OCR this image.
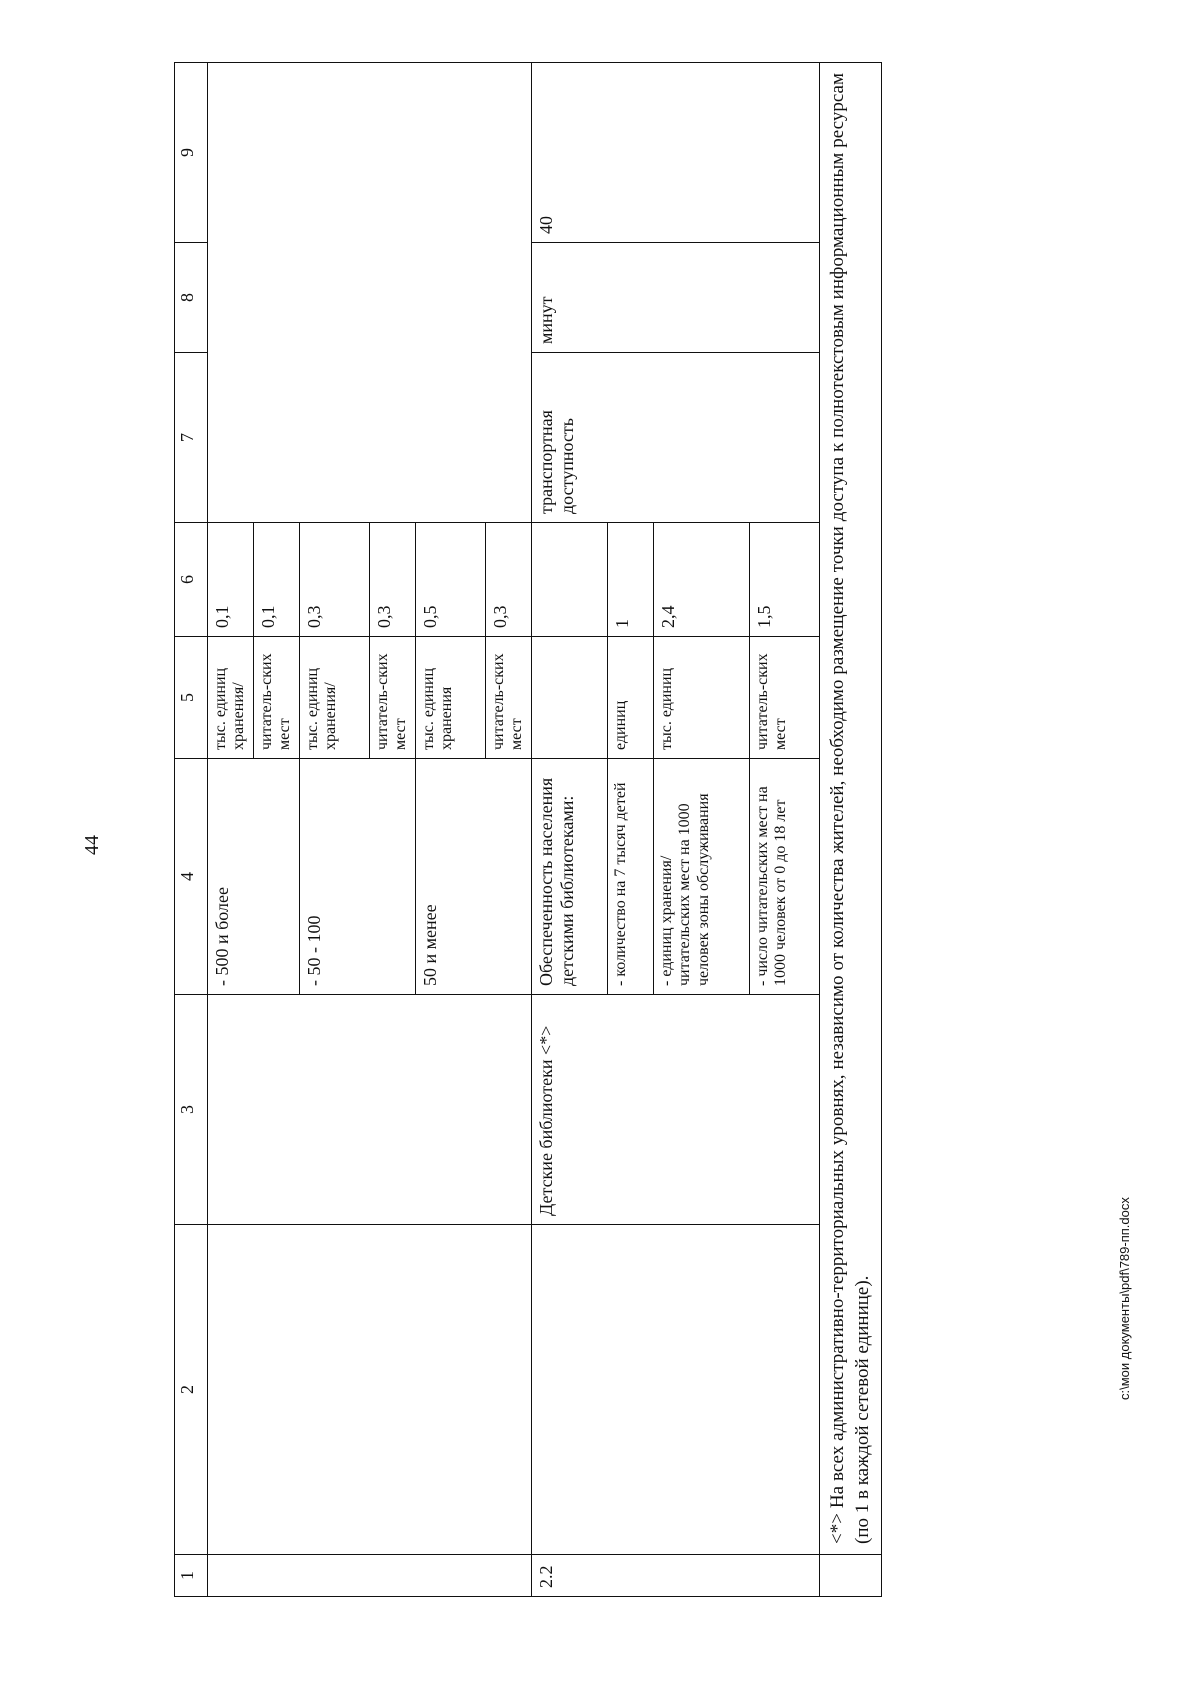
44
c:\мои документы\pdf\789-пп.docx
1	2	3	4	5	6	7	8	9
			- 500 и более	тыс. единиц хранения/	0,1			
				читатель-ских мест	0,1			
			- 50 - 100	тыс. единиц хранения/	0,3			
				читатель-ских мест	0,3			
			50 и менее	тыс. единиц хранения	0,5			
				читатель-ских мест	0,3			
2.2		Детские библиотеки <*>	Обеспеченность населения детскими библиотеками:			транспортная доступность	минут	40
			- количество на 7 тысяч детей	единиц	1			
			- единиц хранения/ читательских мест на 1000 человек зоны обслуживания	тыс. единиц	2,4			
			- число читательских мест на 1000 человек от 0 до 18 лет	читатель-ских мест	1,5			
	<*> На всех административно-территориальных уровнях, независимо от количества жителей, необходимо размещение точки доступа к полнотекстовым информационным ресурсам (по 1 в каждой сетевой единице).							
